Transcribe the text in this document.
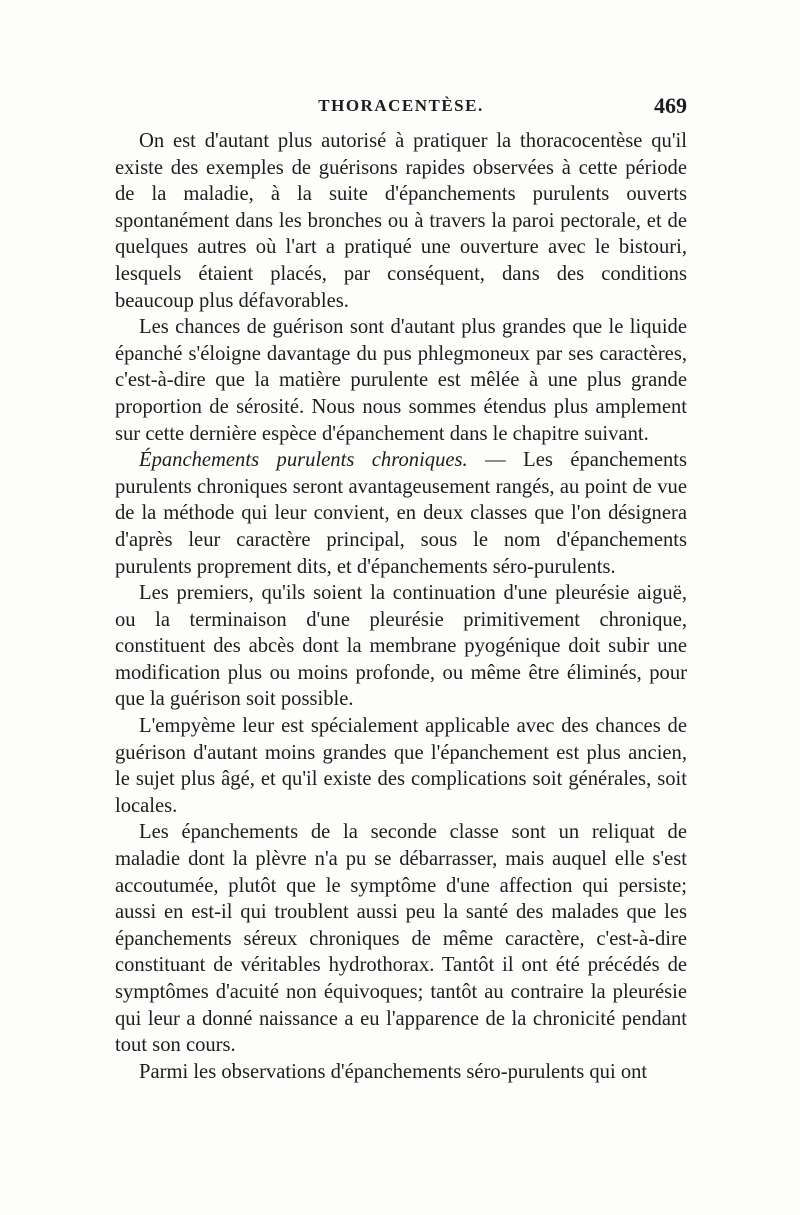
THORACENTÈSE.	469

On est d'autant plus autorisé à pratiquer la thoracocentèse qu'il existe des exemples de guérisons rapides observées à cette période de la maladie, à la suite d'épanchements purulents ouverts spontanément dans les bronches ou à travers la paroi pectorale, et de quelques autres où l'art a pratiqué une ouverture avec le bistouri, lesquels étaient placés, par conséquent, dans des conditions beaucoup plus défavorables.

Les chances de guérison sont d'autant plus grandes que le liquide épanché s'éloigne davantage du pus phlegmoneux par ses caractères, c'est-à-dire que la matière purulente est mêlée à une plus grande proportion de sérosité. Nous nous sommes étendus plus amplement sur cette dernière espèce d'épanchement dans le chapitre suivant.

Épanchements purulents chroniques. — Les épanchements purulents chroniques seront avantageusement rangés, au point de vue de la méthode qui leur convient, en deux classes que l'on désignera d'après leur caractère principal, sous le nom d'épanchements purulents proprement dits, et d'épanchements séro-purulents.

Les premiers, qu'ils soient la continuation d'une pleurésie aiguë, ou la terminaison d'une pleurésie primitivement chronique, constituent des abcès dont la membrane pyogénique doit subir une modification plus ou moins profonde, ou même être éliminés, pour que la guérison soit possible.

L'empyème leur est spécialement applicable avec des chances de guérison d'autant moins grandes que l'épanchement est plus ancien, le sujet plus âgé, et qu'il existe des complications soit générales, soit locales.

Les épanchements de la seconde classe sont un reliquat de maladie dont la plèvre n'a pu se débarrasser, mais auquel elle s'est accoutumée, plutôt que le symptôme d'une affection qui persiste; aussi en est-il qui troublent aussi peu la santé des malades que les épanchements séreux chroniques de même caractère, c'est-à-dire constituant de véritables hydrothorax. Tantôt il ont été précédés de symptômes d'acuité non équivoques; tantôt au contraire la pleurésie qui leur a donné naissance a eu l'apparence de la chronicité pendant tout son cours.

Parmi les observations d'épanchements séro-purulents qui ont
